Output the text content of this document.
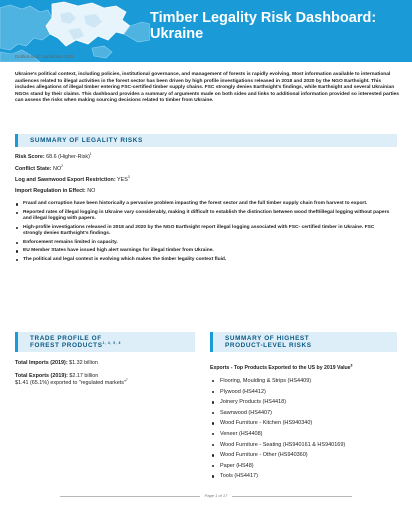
Timber Legality Risk Dashboard: Ukraine
Drafted as of: September 2021
Ukraine's political context, including policies, institutional governance, and management of forests is rapidly evolving. Most information available to international audiences related to illegal activities in the forest sector has been driven by high profile investigations released in 2018 and 2020 by the NGO Earthsight. This includes allegations of illegal timber entering FSC-certified timber supply chains. FSC strongly denies Earthsight's findings, while Earthsight and several Ukrainian NGOs stand by their claims. This dashboard provides a summary of arguments made on both sides and links to additional information provided so interested parties can assess the risks when making sourcing decisions related to timber from Ukraine.
SUMMARY OF LEGALITY RISKS
Risk Score: 68.6 (Higher-Risk)$^1$
Conflict State: $NO^2$
Log and Sawnwood Export Restriction: YES$^3$
Import Regulation in Effect: NO
Fraud and corruption have been historically a pervasive problem impacting the forest sector and the full timber supply chain from harvest to export.
Reported rates of illegal logging in Ukraine vary considerably, making it difficult to establish the distinction between wood theft/illegal logging without papers and illegal logging with papers.
High-profile investigations released in 2018 and 2020 by the NGO Earthsight report illegal logging associated with FSC- certified timber in Ukraine. FSC strongly denies Earthsight's findings.
Enforcement remains limited in capacity.
EU Member States have issued high alert warnings for illegal timber from Ukraine.
The political and legal context is evolving which makes the timber legality context fluid.
TRADE PROFILE OF
FOREST PRODUCTS$^{1, 4, 5, 6}$
Total Imports (2019): $1.32 billion
Total Exports (2019): $2.17 billion
$1.41 (65.1%) exported to "regulated markets"$^7$
SUMMARY OF HIGHEST
PRODUCT-LEVEL RISKS
Exports - Top Products Exported to the US by 2019 Value$^8$
Flooring, Moulding & Strips (HS4409)
Plywood (HS4412)
Joinery Products (HS4418)
Sawnwood (HS4407)
Wood Furniture - Kitchen (HS940340)
Veneer (HS4408)
Wood Furniture - Seating (HS940161 & HS940169)
Wood Furniture - Other (HS940360)
Paper (HS48)
Tools (HS4417)
Page 1 of 17
